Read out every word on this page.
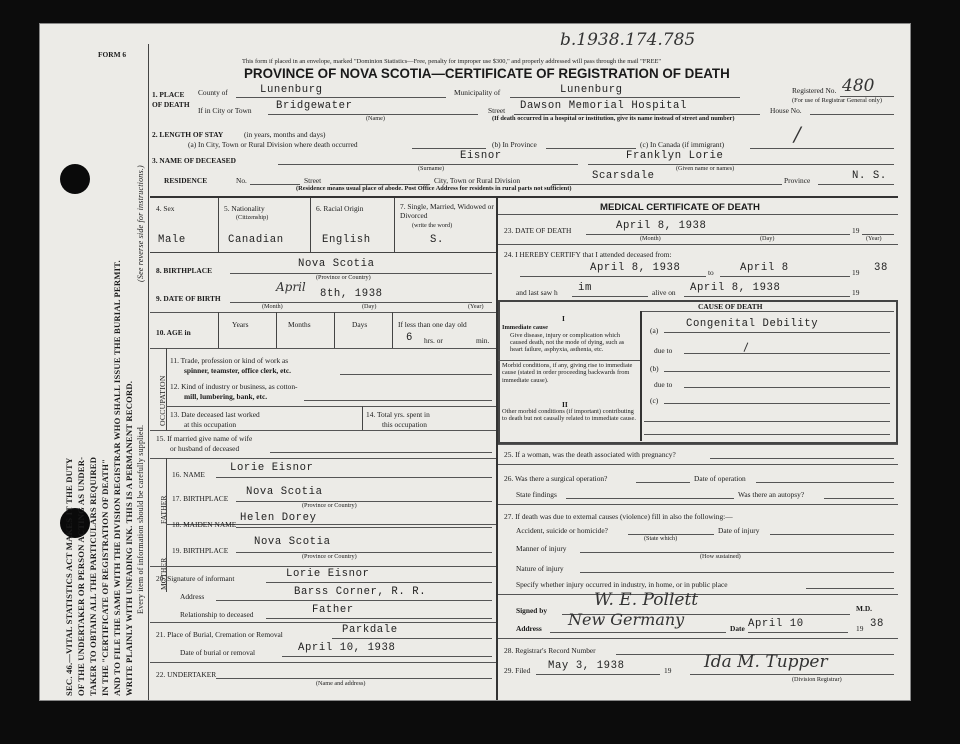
SEC. 46.—VITAL STATISTICS ACT MAKES IT THE DUTY OF THE UNDERTAKER OR PERSON ACTING AS UNDER- TAKER TO OBTAIN ALL THE PARTICULARS REQUIRED IN THE "CERTIFICATE OF REGISTRATION OF DEATH" AND TO FILE THE SAME WITH THE DIVISION REGISTRAR WHO SHALL ISSUE THE BURIAL PERMIT. WRITE PLAINLY WITH UNFADING INK. THIS IS A PERMANENT RECORD. Every item of information should be carefully supplied.
(See reverse side for instructions.)
FORM 6
b.1938.174.785
This form if placed in an envelope, marked "Dominion Statistics—Free, penalty for improper use $300," and properly addressed will pass through the mail "FREE"
PROVINCE OF NOVA SCOTIA—CERTIFICATE OF REGISTRATION OF DEATH
Registered No. 480
(For use of Registrar General only)
1. PLACE OF DEATH
County of	Lunenburg	Municipality of	Lunenburg
If in City or Town Bridgewater
(Name)
Street Dawson Memorial Hospital	House No.
(If death occurred in a hospital or institution, give its name instead of street and number)
2. LENGTH OF STAY	(in years, months and days)
(a) In City, Town or Rural Division where death occurred	(b) In Province	(c) In Canada (if immigrant)	/
3. NAME OF DECEASED	Eisnor
(Surname)
Franklyn Lorie
(Given name or names)
RESIDENCE	No.	Street	City, Town or Rural Division	Scarsdale	Province	N. S.
(Residence means usual place of abode. Post Office Address for residents in rural parts not sufficient)
4. Sex
Male
5. Nationality
(Citizenship)
Canadian
6. Racial Origin
English
7. Single, Married, Widowed or Divorced
(write the word)
S.
8. BIRTHPLACE
Nova Scotia
(Province or Country)
9. DATE OF BIRTH
April 8th, 1938
(Month)	(Day)	(Year)
10. AGE in
Years	Months	Days	If less than one day old
6 hrs. or	min.
OCCUPATION
11. Trade, profession or kind of work as
spinner, teamster, office clerk, etc.
12. Kind of industry or business, as cotton-
mill, lumbering, bank, etc.
13. Date deceased last worked
at this occupation
14. Total yrs. spent in
this occupation
15. If married give name of wife
or husband of deceased
FATHER
MOTHER
16. NAME
Lorie Eisnor
17. BIRTHPLACE
Nova Scotia
(Province or Country)
18. MAIDEN NAME
Helen Dorey
19. BIRTHPLACE
Nova Scotia
(Province or Country)
20. Signature of informant	Lorie Eisnor
Address	Barss Corner, R. R.
Relationship to deceased	Father
21. Place of Burial, Cremation or Removal	Parkdale
Date of burial or removal	April 10, 1938
22. UNDERTAKER
(Name and address)
MEDICAL CERTIFICATE OF DEATH
23. DATE OF DEATH	April 8, 1938	19
(Month)	(Day)	(Year)
24. I HEREBY CERTIFY that I attended deceased from:
April 8, 1938	to April 8	19 38
and last saw h im	alive on April 8, 1938	19
CAUSE OF DEATH
I
Immediate cause
Give disease, injury or complication which caused death, not the mode of dying, such as heart failure, asphyxia, asthenia, etc.
(a)
Congenital Debility
due to	\
Morbid conditions, if any, giving rise to immediate cause (stated in order proceeding backwards from immediate cause).
(b)
due to
(c)
II
Other morbid conditions (if important) contributing to death but not causally related to immediate cause.
25. If a woman, was the death associated with pregnancy?
26. Was there a surgical operation?	Date of operation
State findings	Was there an autopsy?
27. If death was due to external causes (violence) fill in also the following:—
Accident, suicide or homicide?
(State which)
Date of injury
Manner of injury
(How sustained)
Nature of injury
Specify whether injury occurred in industry, in home, or in public place
Signed by
W. E. Pollett	M.D.
Address New Germany	Date April 10	19 38
28. Registrar's Record Number
29. Filed May 3, 1938	19 Ida M. Tupper
(Division Registrar)
